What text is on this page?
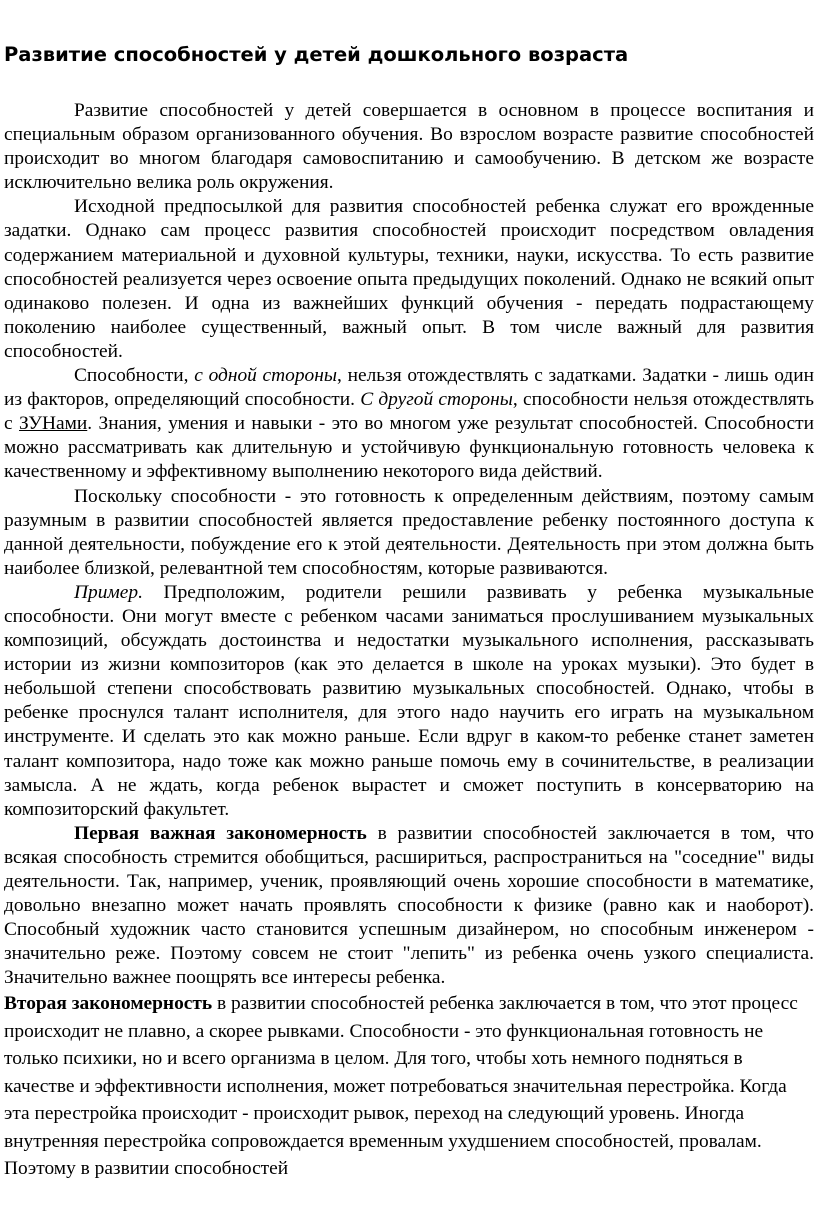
Развитие способностей у детей дошкольного возраста

Развитие способностей у детей совершается в основном в процессе воспитания и специальным образом организованного обучения. Во взрослом возрасте развитие способностей происходит во многом благодаря самовоспитанию и самообучению. В детском же возрасте исключительно велика роль окружения.

Исходной предпосылкой для развития способностей ребенка служат его врожденные задатки. Однако сам процесс развития способностей происходит посредством овладения содержанием материальной и духовной культуры, техники, науки, искусства. То есть развитие способностей реализуется через освоение опыта предыдущих поколений. Однако не всякий опыт одинаково полезен. И одна из важнейших функций обучения - передать подрастающему поколению наиболее существенный, важный опыт. В том числе важный для развития способностей.

Способности, с одной стороны, нельзя отождествлять с задатками. Задатки - лишь один из факторов, определяющий способности. С другой стороны, способности нельзя отождествлять с ЗУНами. Знания, умения и навыки - это во многом уже результат способностей. Способности можно рассматривать как длительную и устойчивую функциональную готовность человека к качественному и эффективному выполнению некоторого вида действий.

Поскольку способности - это готовность к определенным действиям, поэтому самым разумным в развитии способностей является предоставление ребенку постоянного доступа к данной деятельности, побуждение его к этой деятельности. Деятельность при этом должна быть наиболее близкой, релевантной тем способностям, которые развиваются.

Пример. Предположим, родители решили развивать у ребенка музыкальные способности. Они могут вместе с ребенком часами заниматься прослушиванием музыкальных композиций, обсуждать достоинства и недостатки музыкального исполнения, рассказывать истории из жизни композиторов (как это делается в школе на уроках музыки). Это будет в небольшой степени способствовать развитию музыкальных способностей. Однако, чтобы в ребенке проснулся талант исполнителя, для этого надо научить его играть на музыкальном инструменте. И сделать это как можно раньше. Если вдруг в каком-то ребенке станет заметен талант композитора, надо тоже как можно раньше помочь ему в сочинительстве, в реализации замысла. А не ждать, когда ребенок вырастет и сможет поступить в консерваторию на композиторский факультет.

Первая важная закономерность в развитии способностей заключается в том, что всякая способность стремится обобщиться, расшириться, распространиться на "соседние" виды деятельности. Так, например, ученик, проявляющий очень хорошие способности в математике, довольно внезапно может начать проявлять способности к физике (равно как и наоборот). Способный художник часто становится успешным дизайнером, но способным инженером - значительно реже. Поэтому совсем не стоит "лепить" из ребенка очень узкого специалиста. Значительно важнее поощрять все интересы ребенка.

Вторая закономерность в развитии способностей ребенка заключается в том, что этот процесс происходит не плавно, а скорее рывками. Способности - это функциональная готовность не только психики, но и всего организма в целом. Для того, чтобы хоть немного подняться в качестве и эффективности исполнения, может потребоваться значительная перестройка. Когда эта перестройка происходит - происходит рывок, переход на следующий уровень. Иногда внутренняя перестройка сопровождается временным ухудшением способностей, провалам. Поэтому в развитии способностей
